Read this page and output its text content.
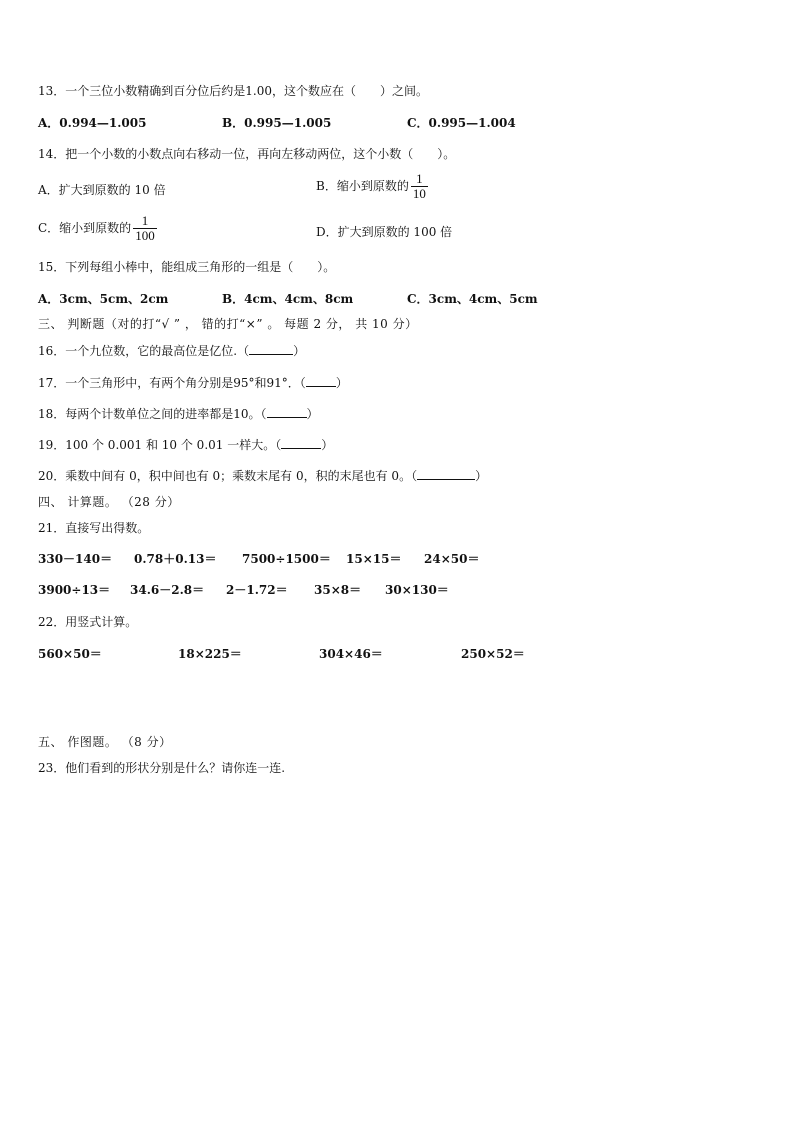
13．一个三位小数精确到百分位后约是1.00，这个数应在（　　）之间。
A．0.994—1.005	B．0.995—1.005	C．0.995—1.004
14．把一个小数的小数点向右移动一位，再向左移动两位，这个小数（　　）。
A．扩大到原数的 10 倍	B．缩小到原数的 $\frac{1}{10}$
C．缩小到原数的 $\frac{1}{100}$	D．扩大到原数的 100 倍
15．下列每组小棒中，能组成三角形的一组是（　　）。
A．3cm、5cm、2cm	B．4cm、4cm、8cm	C．3cm、4cm、5cm
三、 判断题（对的打“√ ” ， 错的打“×” 。 每题 2 分， 共 10 分）
16．一个九位数，它的最高位是亿位.（	）
17．一个三角形中，有两个角分别是95°和91°．（	）
18．每两个计数单位之间的进率都是10。（	）
19．100 个 0.001 和 10 个 0.01 一样大。（	）
20．乘数中间有 0，积中间也有 0；乘数末尾有 0，积的末尾也有 0。（	）
四、 计算题。 （28 分）
21．直接写出得数。
330－140＝ 0.78＋0.13＝ 7500÷1500＝ 15×15＝ 24×50＝
3900÷13＝ 34.6－2.8＝ 2－1.72＝ 35×8＝ 30×130＝
22．用竖式计算。
560×50＝	18×225＝	304×46＝	250×52＝
五、 作图题。 （8 分）
23．他们看到的形状分别是什么？请你连一连.
